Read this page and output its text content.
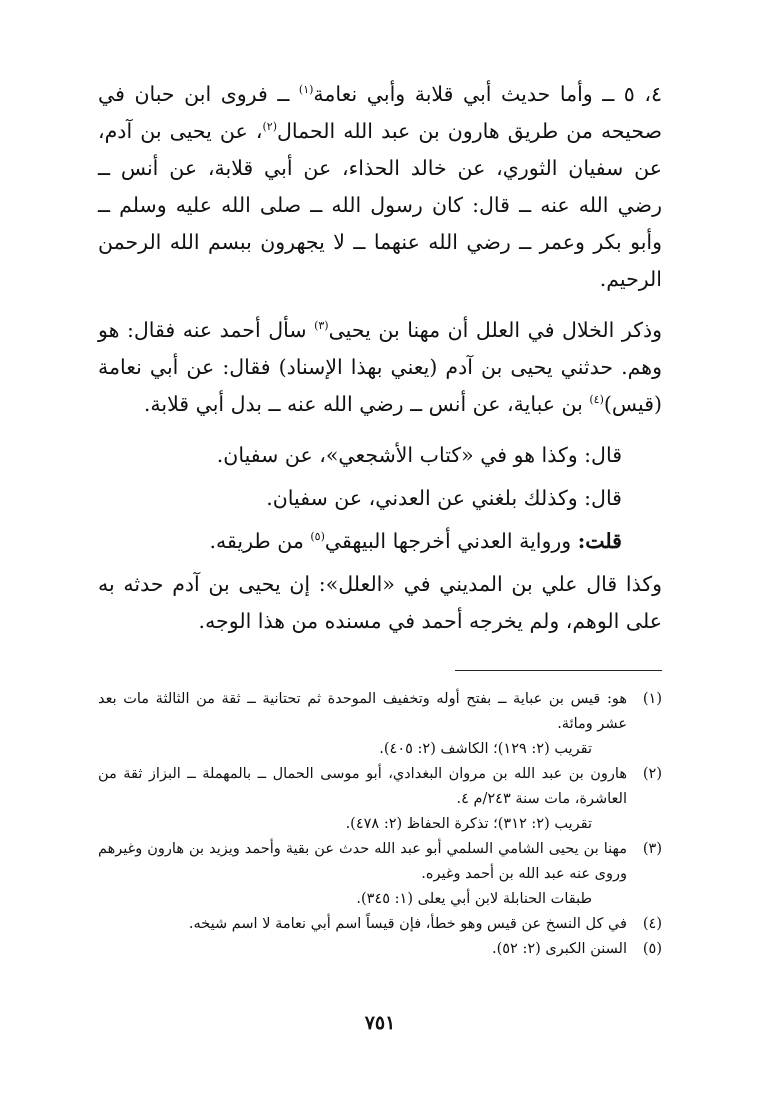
٤، ٥ ــ وأما حديث أبي قلابة وأبي نعامة$^{(١)}$ ــ فروى ابن حبان في صحيحه من طريق هارون بن عبد الله الحمال$^{(٢)}$، عن يحيى بن آدم، عن سفيان الثوري، عن خالد الحذاء، عن أبي قلابة، عن أنس ــ رضي الله عنه ــ قال: كان رسول الله ــ صلى الله عليه وسلم ــ وأبو بكر وعمر ــ رضي الله عنهما ــ لا يجهرون ببسم الله الرحمن الرحيم.

وذكر الخلال في العلل أن مهنا بن يحيى$^{(٣)}$ سأل أحمد عنه فقال: هو وهم. حدثني يحيى بن آدم (يعني بهذا الإسناد) فقال: عن أبي نعامة (قيس)$^{(٤)}$ بن عباية، عن أنس ــ رضي الله عنه ــ بدل أبي قلابة.

قال: وكذا هو في «كتاب الأشجعي»، عن سفيان.

قال: وكذلك بلغني عن العدني، عن سفيان.

قلت: ورواية العدني أخرجها البيهقي$^{(٥)}$ من طريقه.

وكذا قال علي بن المديني في «العلل»: إن يحيى بن آدم حدثه به على الوهم، ولم يخرجه أحمد في مسنده من هذا الوجه.

(١)
هو: قيس بن عباية ــ بفتح أوله وتخفيف الموحدة ثم تحتانية ــ ثقة من الثالثة مات بعد عشر ومائة.
تقريب (٢: ١٢٩)؛ الكاشف (٢: ٤٠٥).
(٢)
هارون بن عبد الله بن مروان البغدادي، أبو موسى الحمال ــ بالمهملة ــ البزاز ثقة من العاشرة، مات سنة ٢٤٣/م ٤.
تقريب (٢: ٣١٢)؛ تذكرة الحفاظ (٢: ٤٧٨).
(٣)
مهنا بن يحيى الشامي السلمي أبو عبد الله حدث عن بقية وأحمد ويزيد بن هارون وغيرهم وروى عنه عبد الله بن أحمد وغيره.
طبقات الحنابلة لابن أبي يعلى (١: ٣٤٥).
(٤)
في كل النسخ عن قيس وهو خطأ، فإن قيساً اسم أبي نعامة لا اسم شيخه.
(٥)
السنن الكبرى (٢: ٥٢).
٧٥١
